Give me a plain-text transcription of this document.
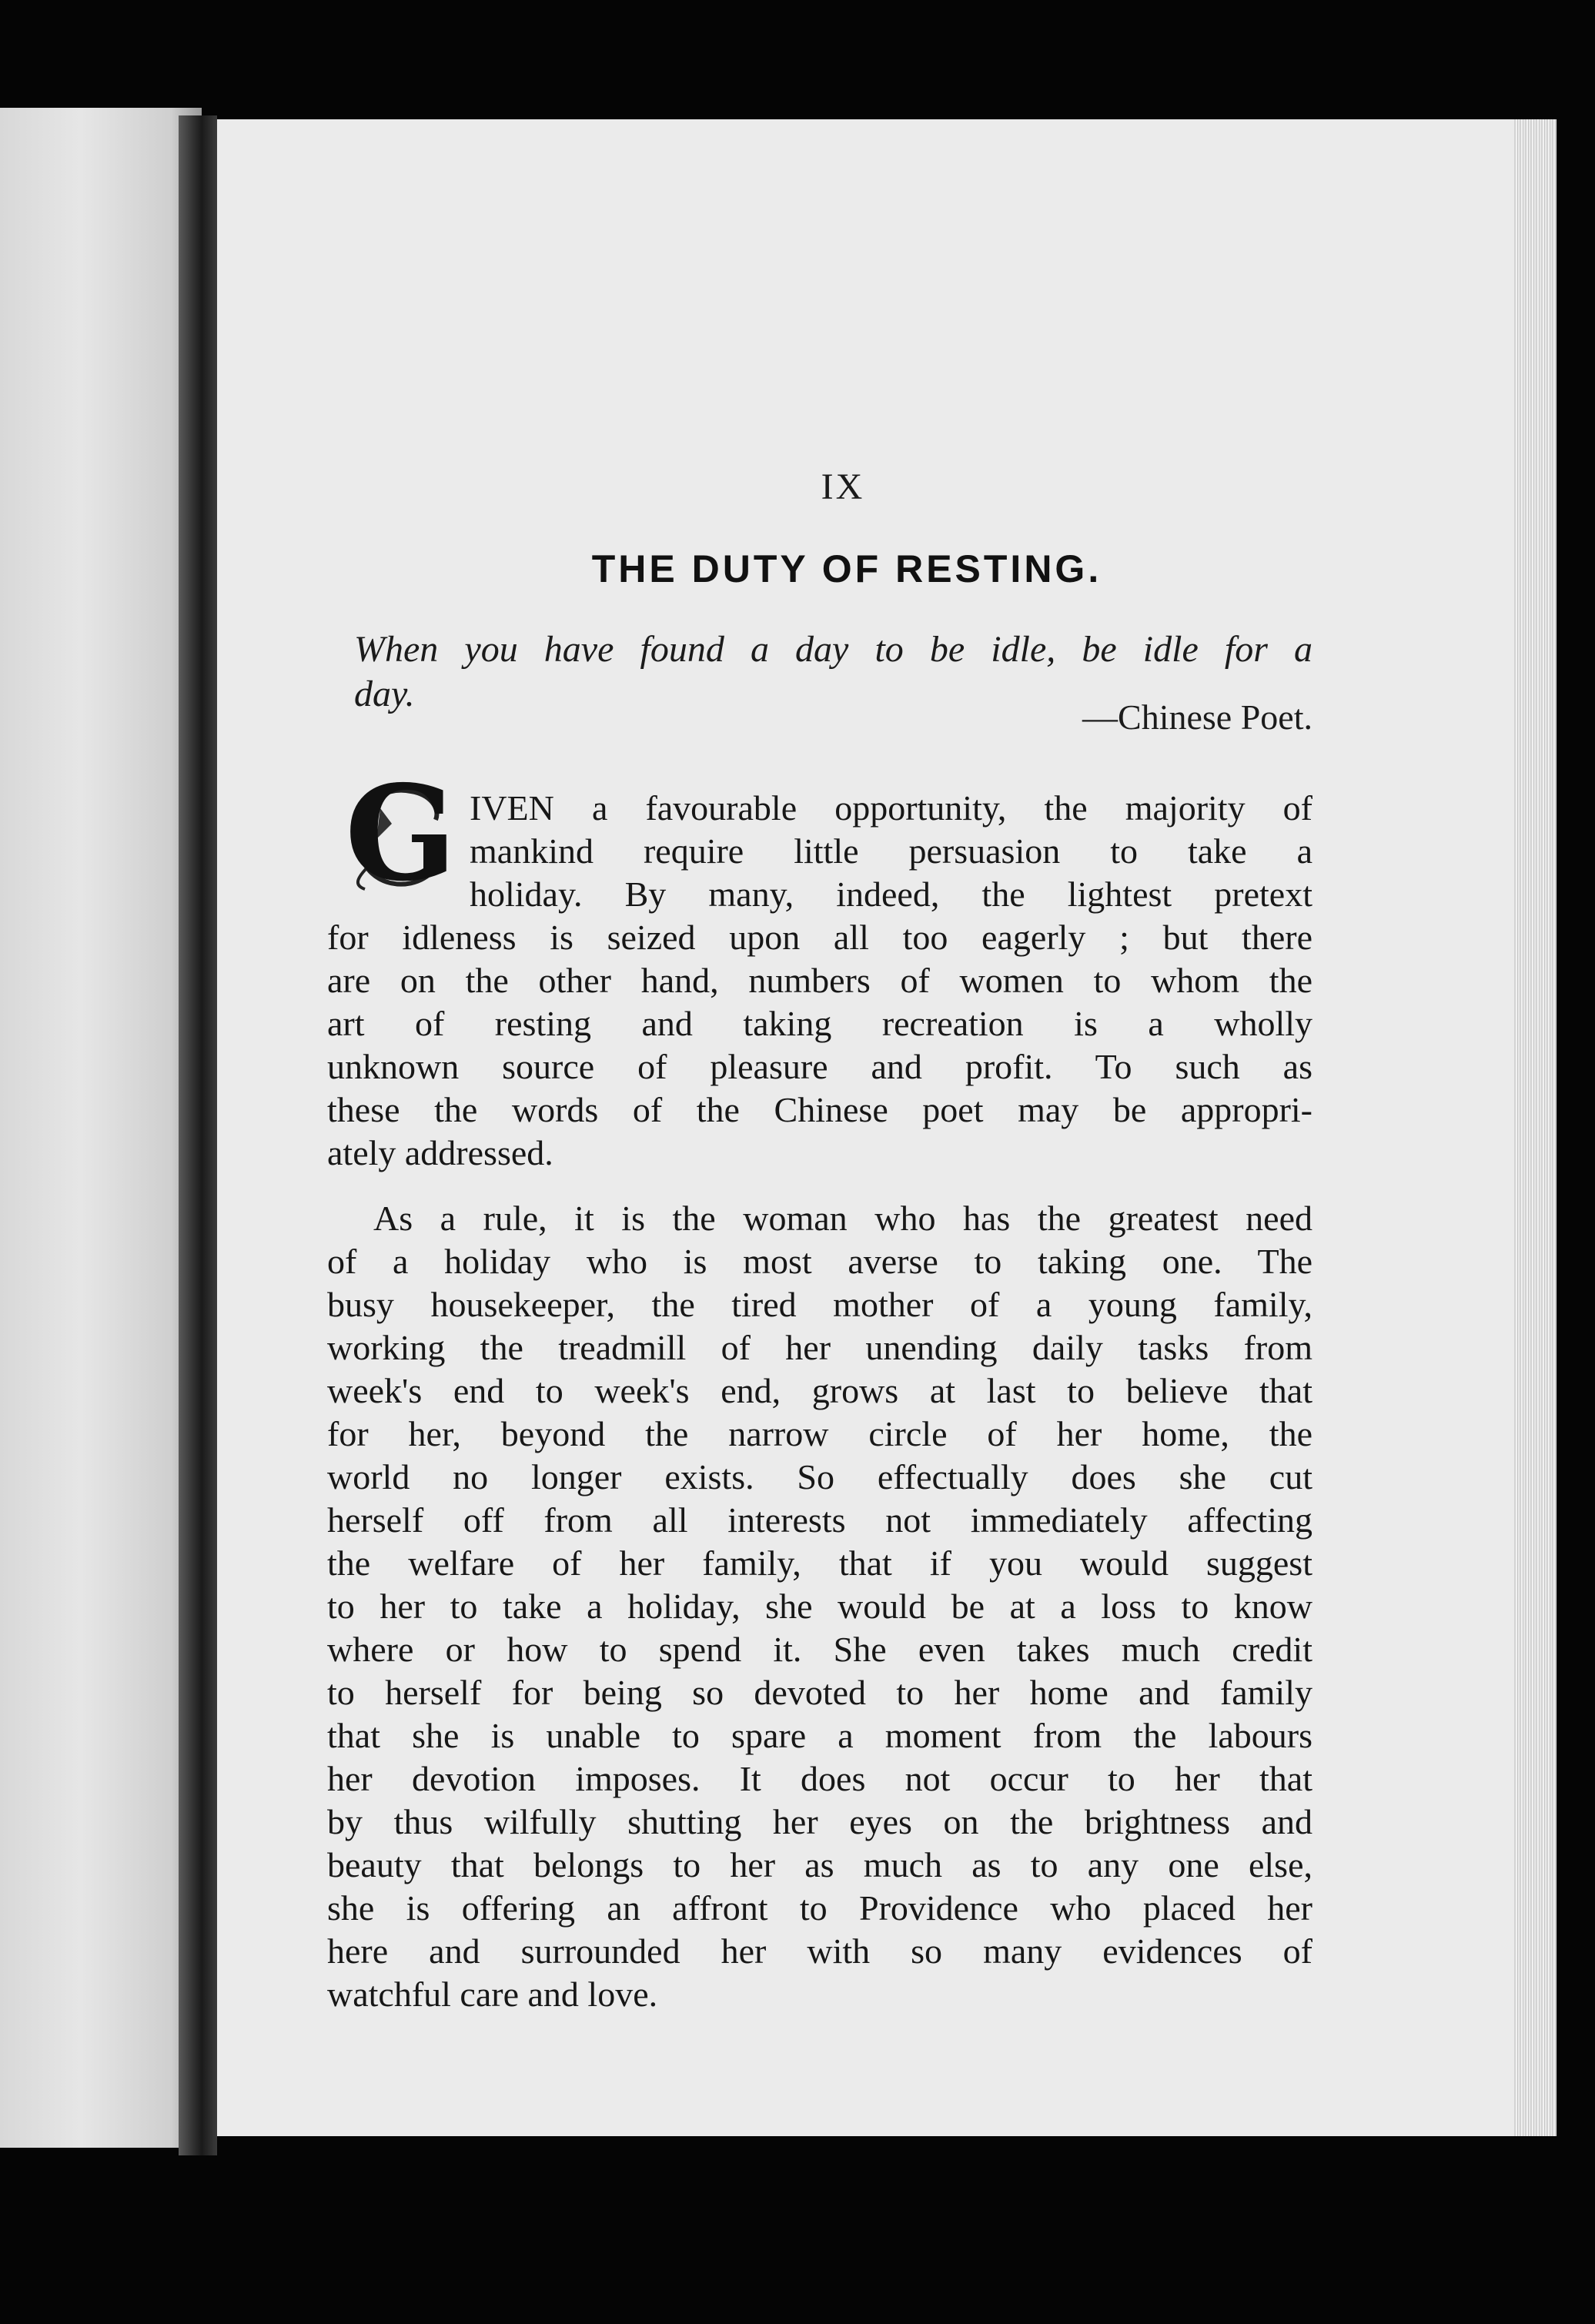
IX
THE DUTY OF RESTING.
When you have found a day to be idle, be idle for a
day.
—Chinese Poet.
G IVEN a favourable opportunity, the majority of
mankind require little persuasion to take a
holiday. By many, indeed, the lightest pretext
for idleness is seized upon all too eagerly ; but there
are on the other hand, numbers of women to whom the
art of resting and taking recreation is a wholly
unknown source of pleasure and profit. To such as
these the words of the Chinese poet may be appropri-
ately addressed.
As a rule, it is the woman who has the greatest need
of a holiday who is most averse to taking one. The
busy housekeeper, the tired mother of a young family,
working the treadmill of her unending daily tasks from
week's end to week's end, grows at last to believe that
for her, beyond the narrow circle of her home, the
world no longer exists. So effectually does she cut
herself off from all interests not immediately affecting
the welfare of her family, that if you would suggest
to her to take a holiday, she would be at a loss to know
where or how to spend it. She even takes much credit
to herself for being so devoted to her home and family
that she is unable to spare a moment from the labours
her devotion imposes. It does not occur to her that
by thus wilfully shutting her eyes on the brightness and
beauty that belongs to her as much as to any one else,
she is offering an affront to Providence who placed her
here and surrounded her with so many evidences of
watchful care and love.
